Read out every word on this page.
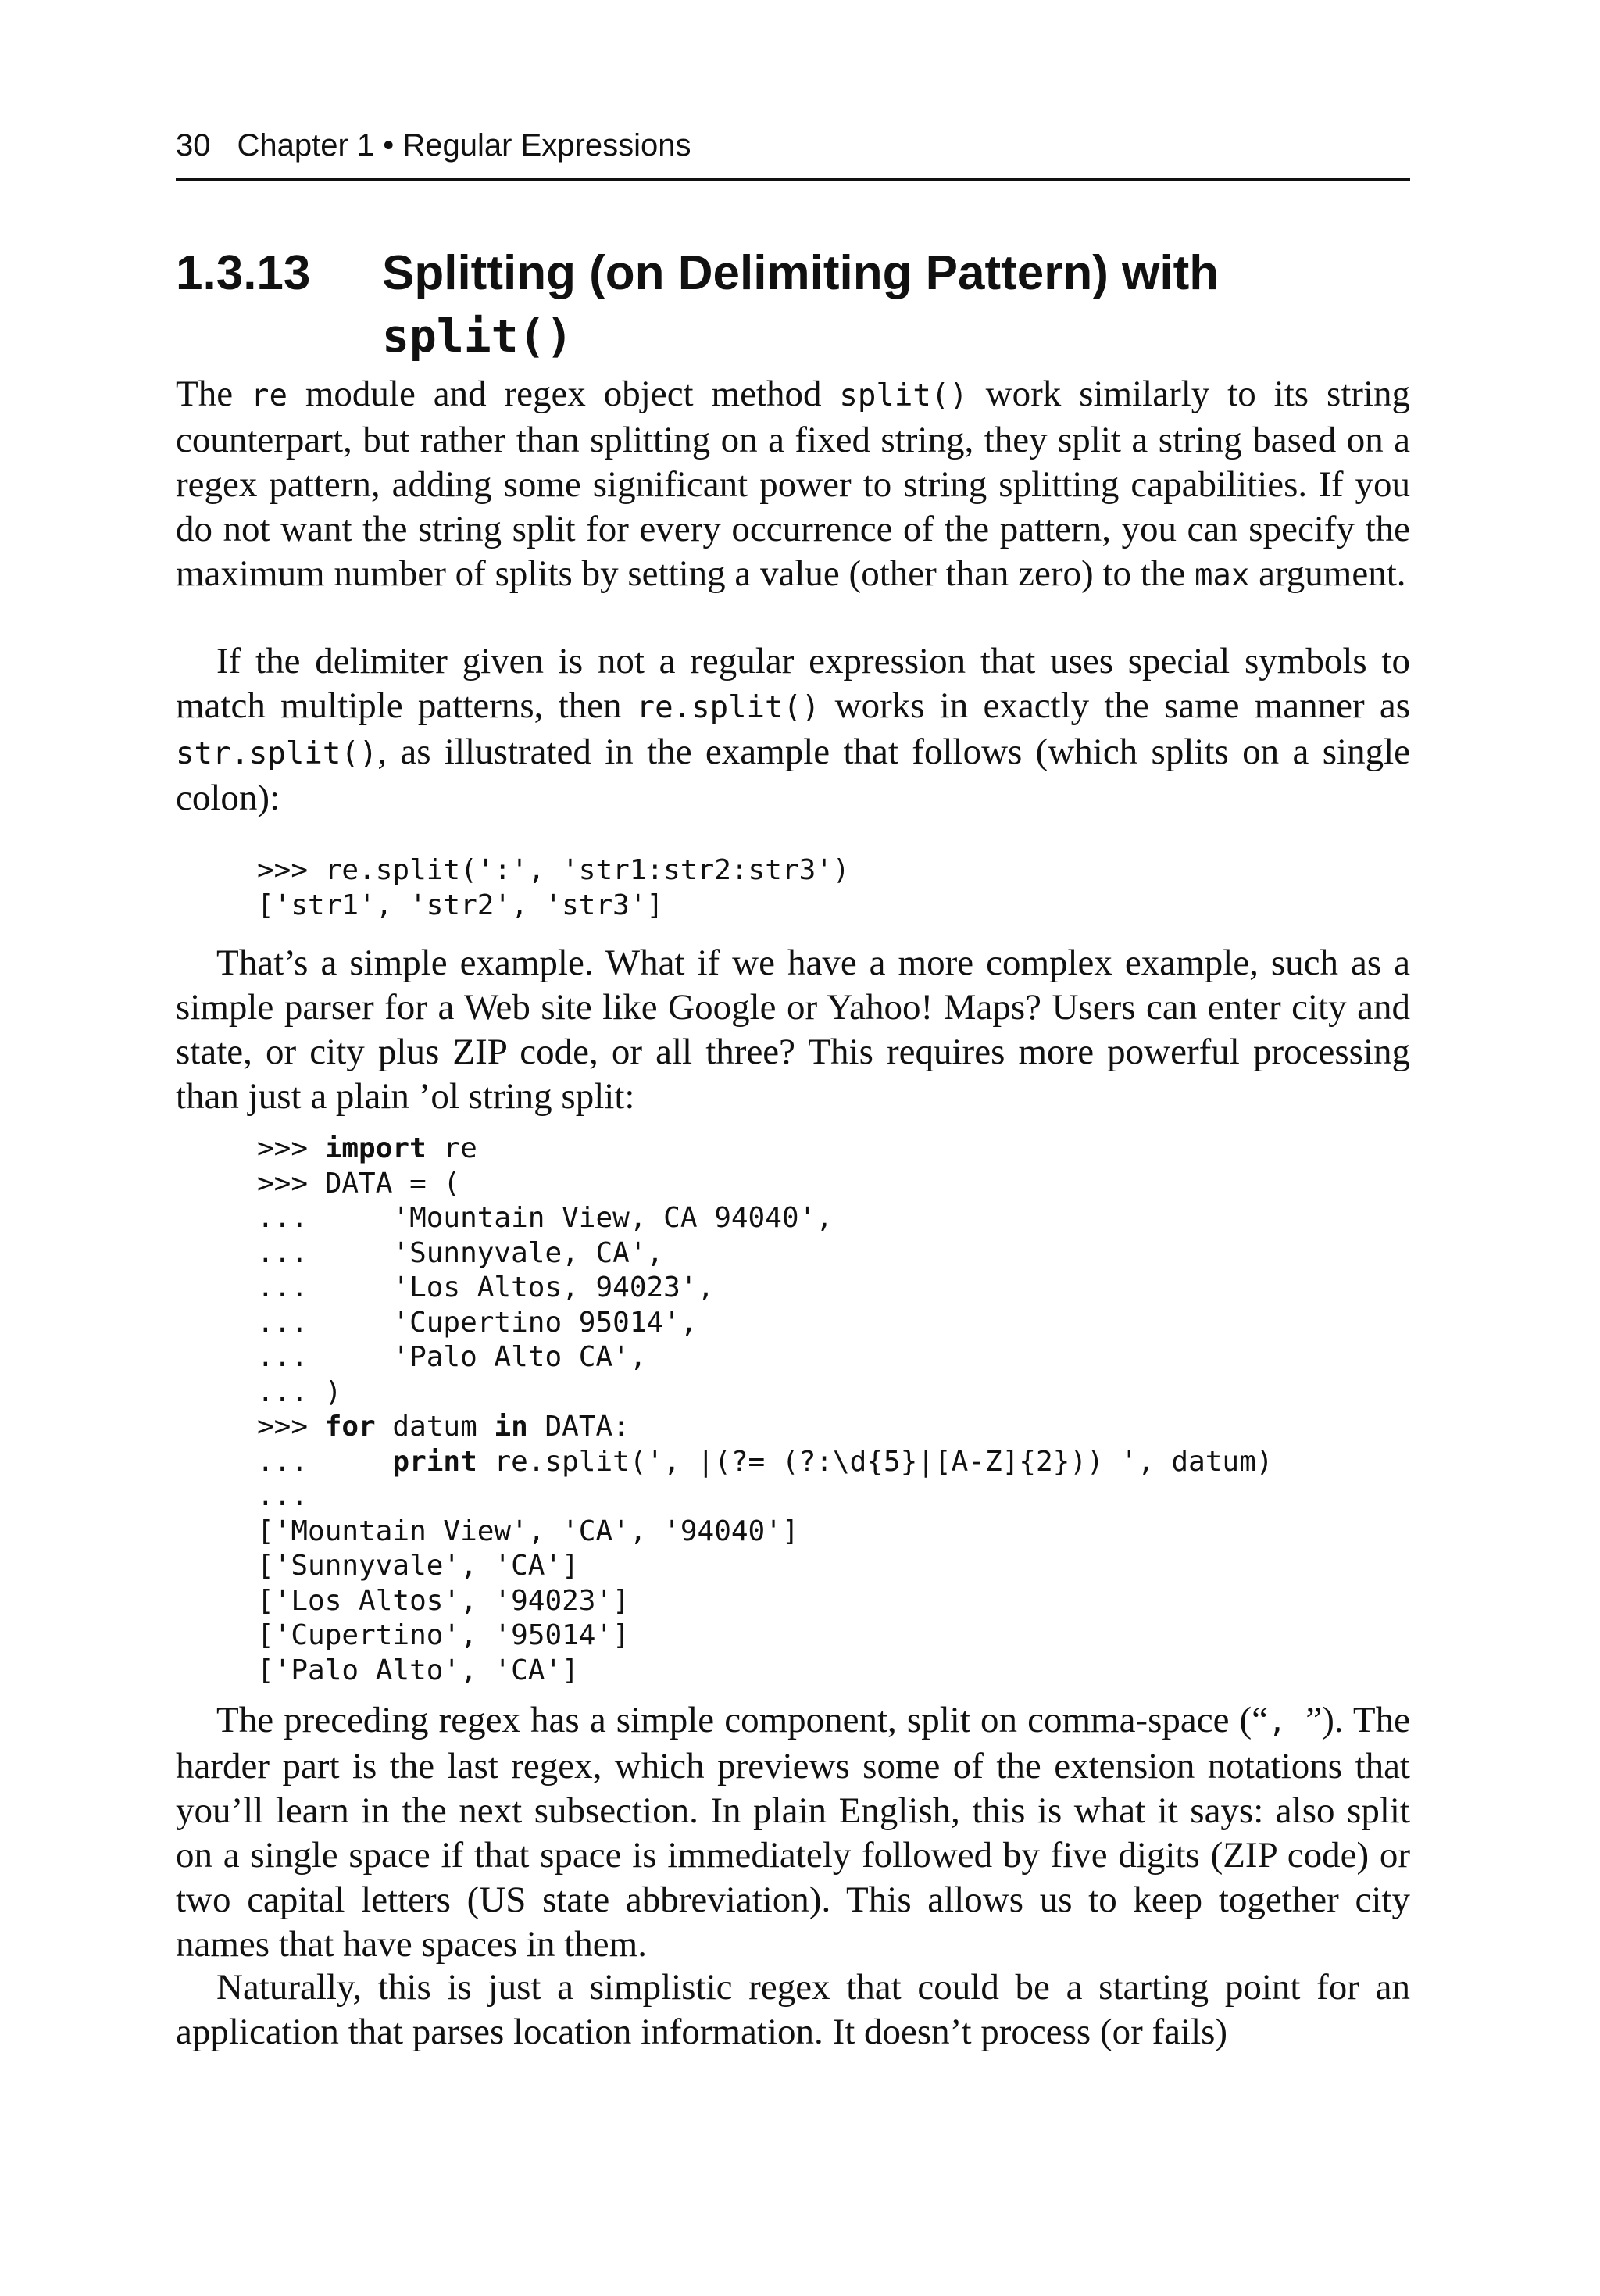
30 Chapter 1 • Regular Expressions
1.3.13 Splitting (on Delimiting Pattern) with
split()

The re module and regex object method split() work similarly to its string counterpart, but rather than splitting on a fixed string, they split a string based on a regex pattern, adding some significant power to string splitting capabilities. If you do not want the string split for every occurrence of the pattern, you can specify the maximum number of splits by setting a value (other than zero) to the max argument.

If the delimiter given is not a regular expression that uses special symbols to match multiple patterns, then re.split() works in exactly the same manner as str.split(), as illustrated in the example that follows (which splits on a single colon):

>>> re.split(':', 'str1:str2:str3')
['str1', 'str2', 'str3']

That’s a simple example. What if we have a more complex example, such as a simple parser for a Web site like Google or Yahoo! Maps? Users can enter city and state, or city plus ZIP code, or all three? This requires more powerful processing than just a plain ’ol string split:

>>> import re
>>> DATA = (
...     'Mountain View, CA 94040',
...     'Sunnyvale, CA',
...     'Los Altos, 94023',
...     'Cupertino 95014',
...     'Palo Alto CA',
... )
>>> for datum in DATA:
...     print re.split(', |(?= (?:\d{5}|[A-Z]{2})) ', datum)
...
['Mountain View', 'CA', '94040']
['Sunnyvale', 'CA']
['Los Altos', '94023']
['Cupertino', '95014']
['Palo Alto', 'CA']

The preceding regex has a simple component, split on comma-space (“, ”). The harder part is the last regex, which previews some of the extension notations that you’ll learn in the next subsection. In plain English, this is what it says: also split on a single space if that space is immediately followed by five digits (ZIP code) or two capital letters (US state abbreviation). This allows us to keep together city names that have spaces in them.

Naturally, this is just a simplistic regex that could be a starting point for an application that parses location information. It doesn’t process (or fails)
